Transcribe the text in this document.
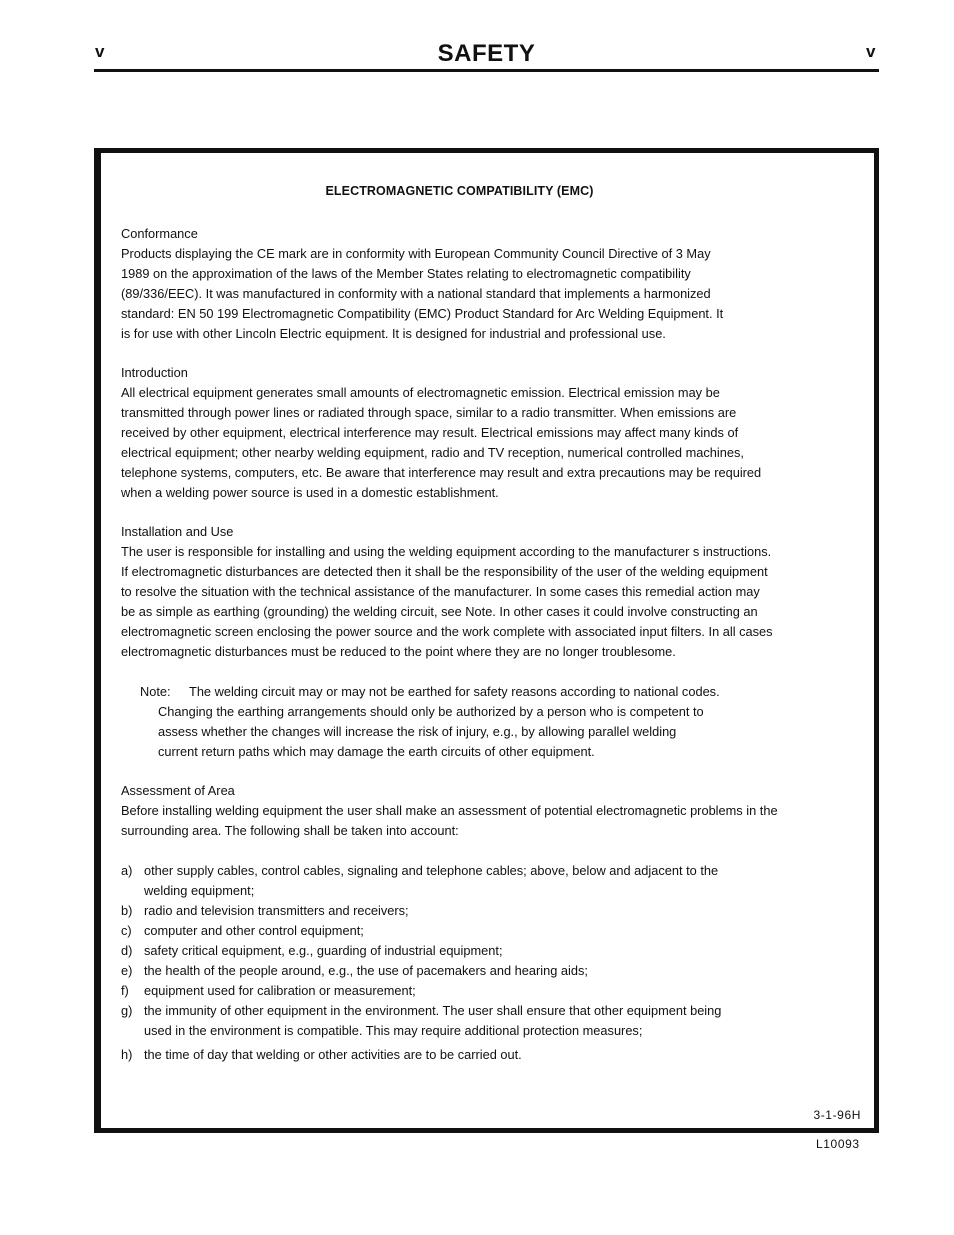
v	SAFETY	v
ELECTROMAGNETIC COMPATIBILITY (EMC)
Conformance
Products displaying the CE mark are in conformity with European Community Council Directive of 3 May
1989 on the approximation of the laws of the Member States relating to electromagnetic compatibility
(89/336/EEC). It was manufactured in conformity with a national standard that implements a harmonized
standard: EN 50 199 Electromagnetic Compatibility (EMC) Product Standard for Arc Welding Equipment. It
is for use with other Lincoln Electric equipment. It is designed for industrial and professional use.
Introduction
All electrical equipment generates small amounts of electromagnetic emission. Electrical emission may be
transmitted through power lines or radiated through space, similar to a radio transmitter. When emissions are
received by other equipment, electrical interference may result. Electrical emissions may affect many kinds of
electrical equipment; other nearby welding equipment, radio and TV reception, numerical controlled machines,
telephone systems, computers, etc. Be aware that interference may result and extra precautions may be required
when a welding power source is used in a domestic establishment.
Installation and Use
The user is responsible for installing and using the welding equipment according to the manufacturer s instructions.
If electromagnetic disturbances are detected then it shall be the responsibility of the user of the welding equipment
to resolve the situation with the technical assistance of the manufacturer. In some cases this remedial action may
be as simple as earthing (grounding) the welding circuit, see Note. In other cases it could involve constructing an
electromagnetic screen enclosing the power source and the work complete with associated input filters. In all cases
electromagnetic disturbances must be reduced to the point where they are no longer troublesome.
Note: The welding circuit may or may not be earthed for safety reasons according to national codes.
Changing the earthing arrangements should only be authorized by a person who is competent to
assess whether the changes will increase the risk of injury, e.g., by allowing parallel welding
current return paths which may damage the earth circuits of other equipment.
Assessment of Area
Before installing welding equipment the user shall make an assessment of potential electromagnetic problems in the
surrounding area. The following shall be taken into account:
a) other supply cables, control cables, signaling and telephone cables; above, below and adjacent to the
welding equipment;
b) radio and television transmitters and receivers;
c) computer and other control equipment;
d) safety critical equipment, e.g., guarding of industrial equipment;
e) the health of the people around, e.g., the use of pacemakers and hearing aids;
f) equipment used for calibration or measurement;
g) the immunity of other equipment in the environment. The user shall ensure that other equipment being
used in the environment is compatible. This may require additional protection measures;
h) the time of day that welding or other activities are to be carried out.
3-1-96H
L10093
